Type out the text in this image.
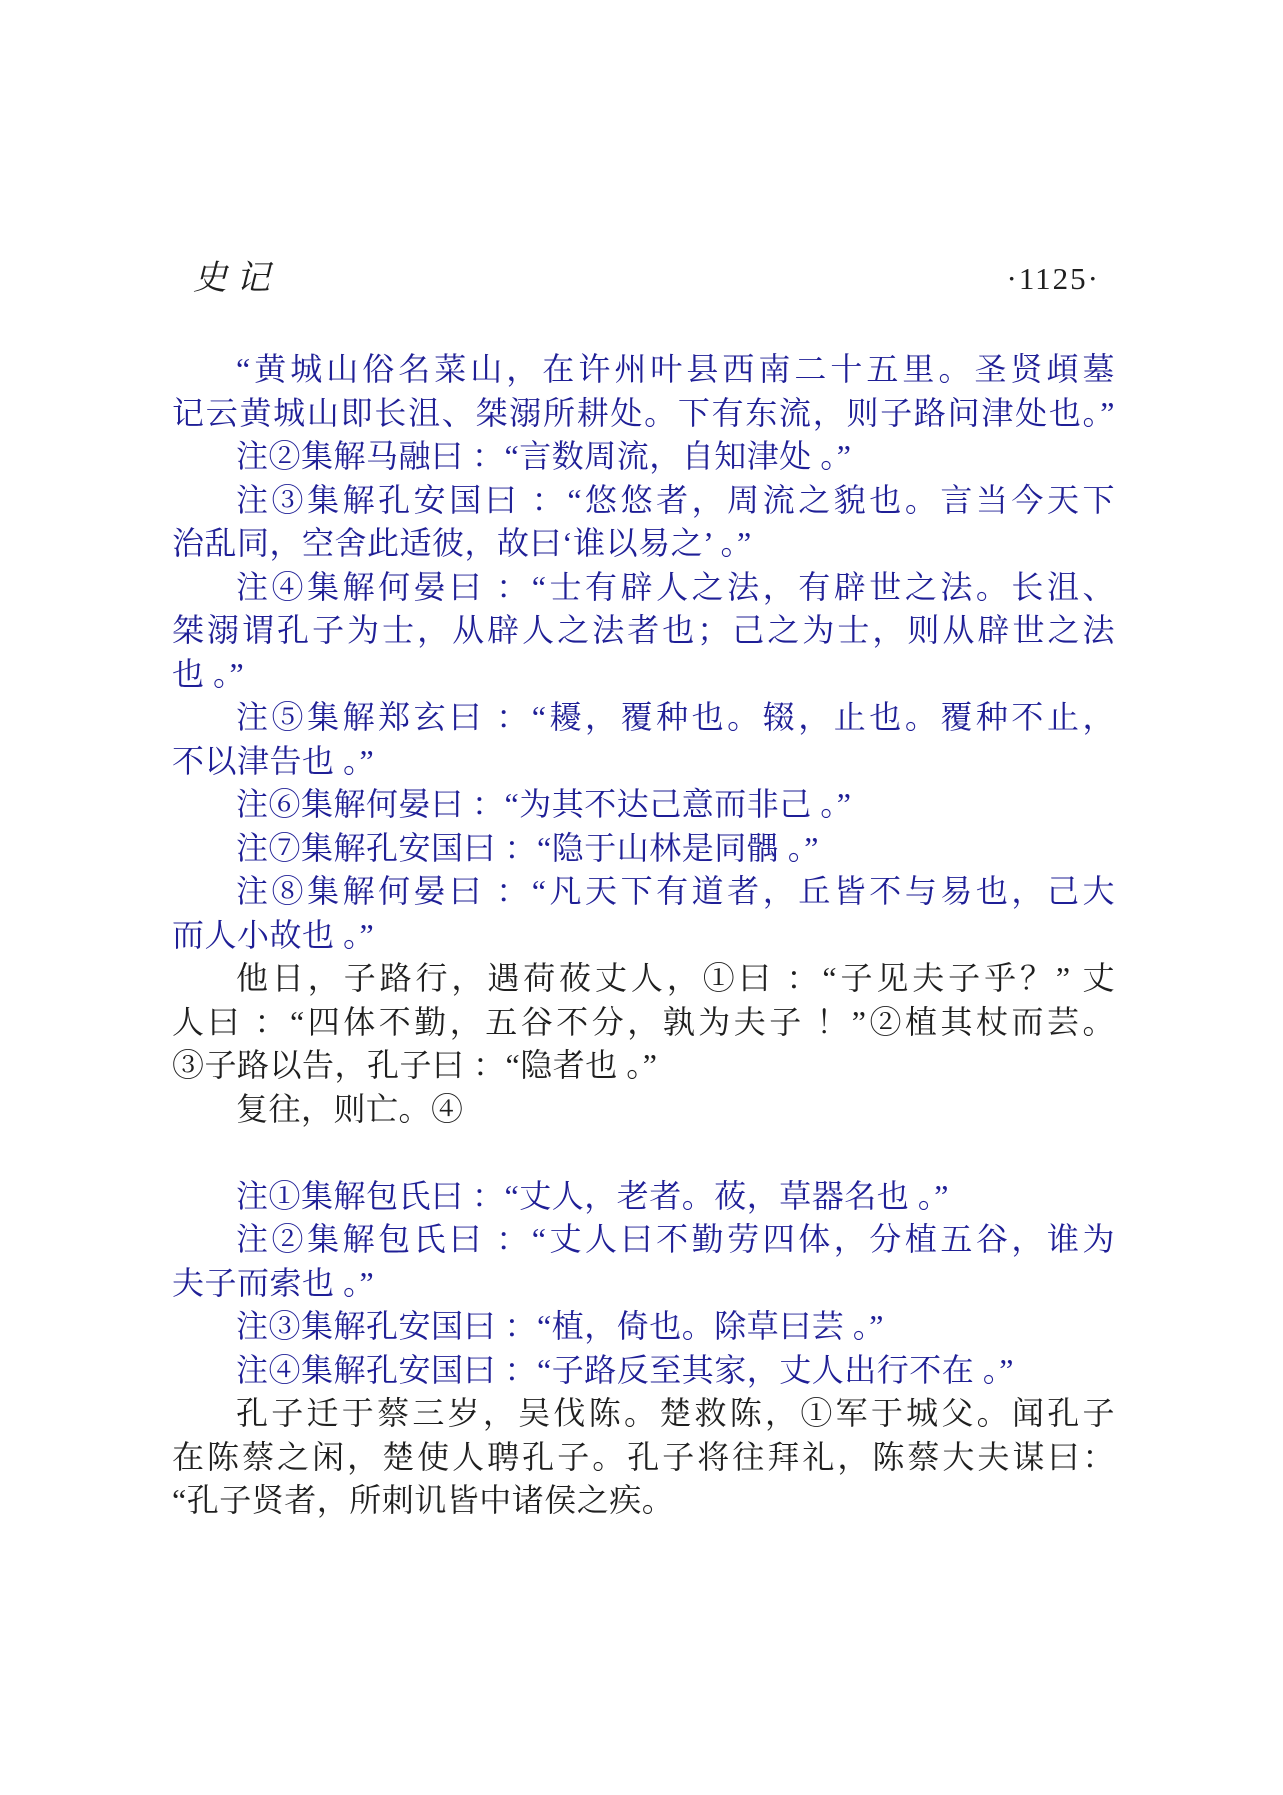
史记	·1125·
“黄城山俗名菜山，在许州叶县西南二十五里。圣贤頉墓
记云黄城山即长沮、桀溺所耕处。下有东流，则子路问津处也。”
注②集解马融曰 ：“言数周流，自知津处 。”
注③集解孔安国曰 ：“悠悠者，周流之貌也。言当今天下
治乱同，空舍此适彼，故曰‘谁以易之’ 。”
注④集解何晏曰 ：“士有辟人之法，有辟世之法。长沮、
桀溺谓孔子为士，从辟人之法者也；己之为士，则从辟世之法
也 。”
注⑤集解郑玄曰 ：“耰，覆种也。辍，止也。覆种不止，
不以津告也 。”
注⑥集解何晏曰 ：“为其不达己意而非己 。”
注⑦集解孔安国曰 ：“隐于山林是同髃 。”
注⑧集解何晏曰 ：“凡天下有道者，丘皆不与易也，己大
而人小故也 。”
他日，子路行，遇荷莜丈人，①曰 ：“子见夫子乎？” 丈
人曰 ：“四体不勤，五谷不分，孰为夫子 ！”②植其杖而芸。
③子路以告，孔子曰 ：“隐者也 。”
复往，则亡。④
注①集解包氏曰 ：“丈人，老者。莜，草器名也 。”
注②集解包氏曰 ：“丈人曰不勤劳四体，分植五谷，谁为
夫子而索也 。”
注③集解孔安国曰 ：“植，倚也。除草曰芸 。”
注④集解孔安国曰 ：“子路反至其家，丈人出行不在 。”
孔子迁于蔡三岁，吴伐陈。楚救陈，①军于城父。闻孔子
在陈蔡之闲，楚使人聘孔子。孔子将往拜礼，陈蔡大夫谋曰：
“孔子贤者，所刺讥皆中诸侯之疾。
